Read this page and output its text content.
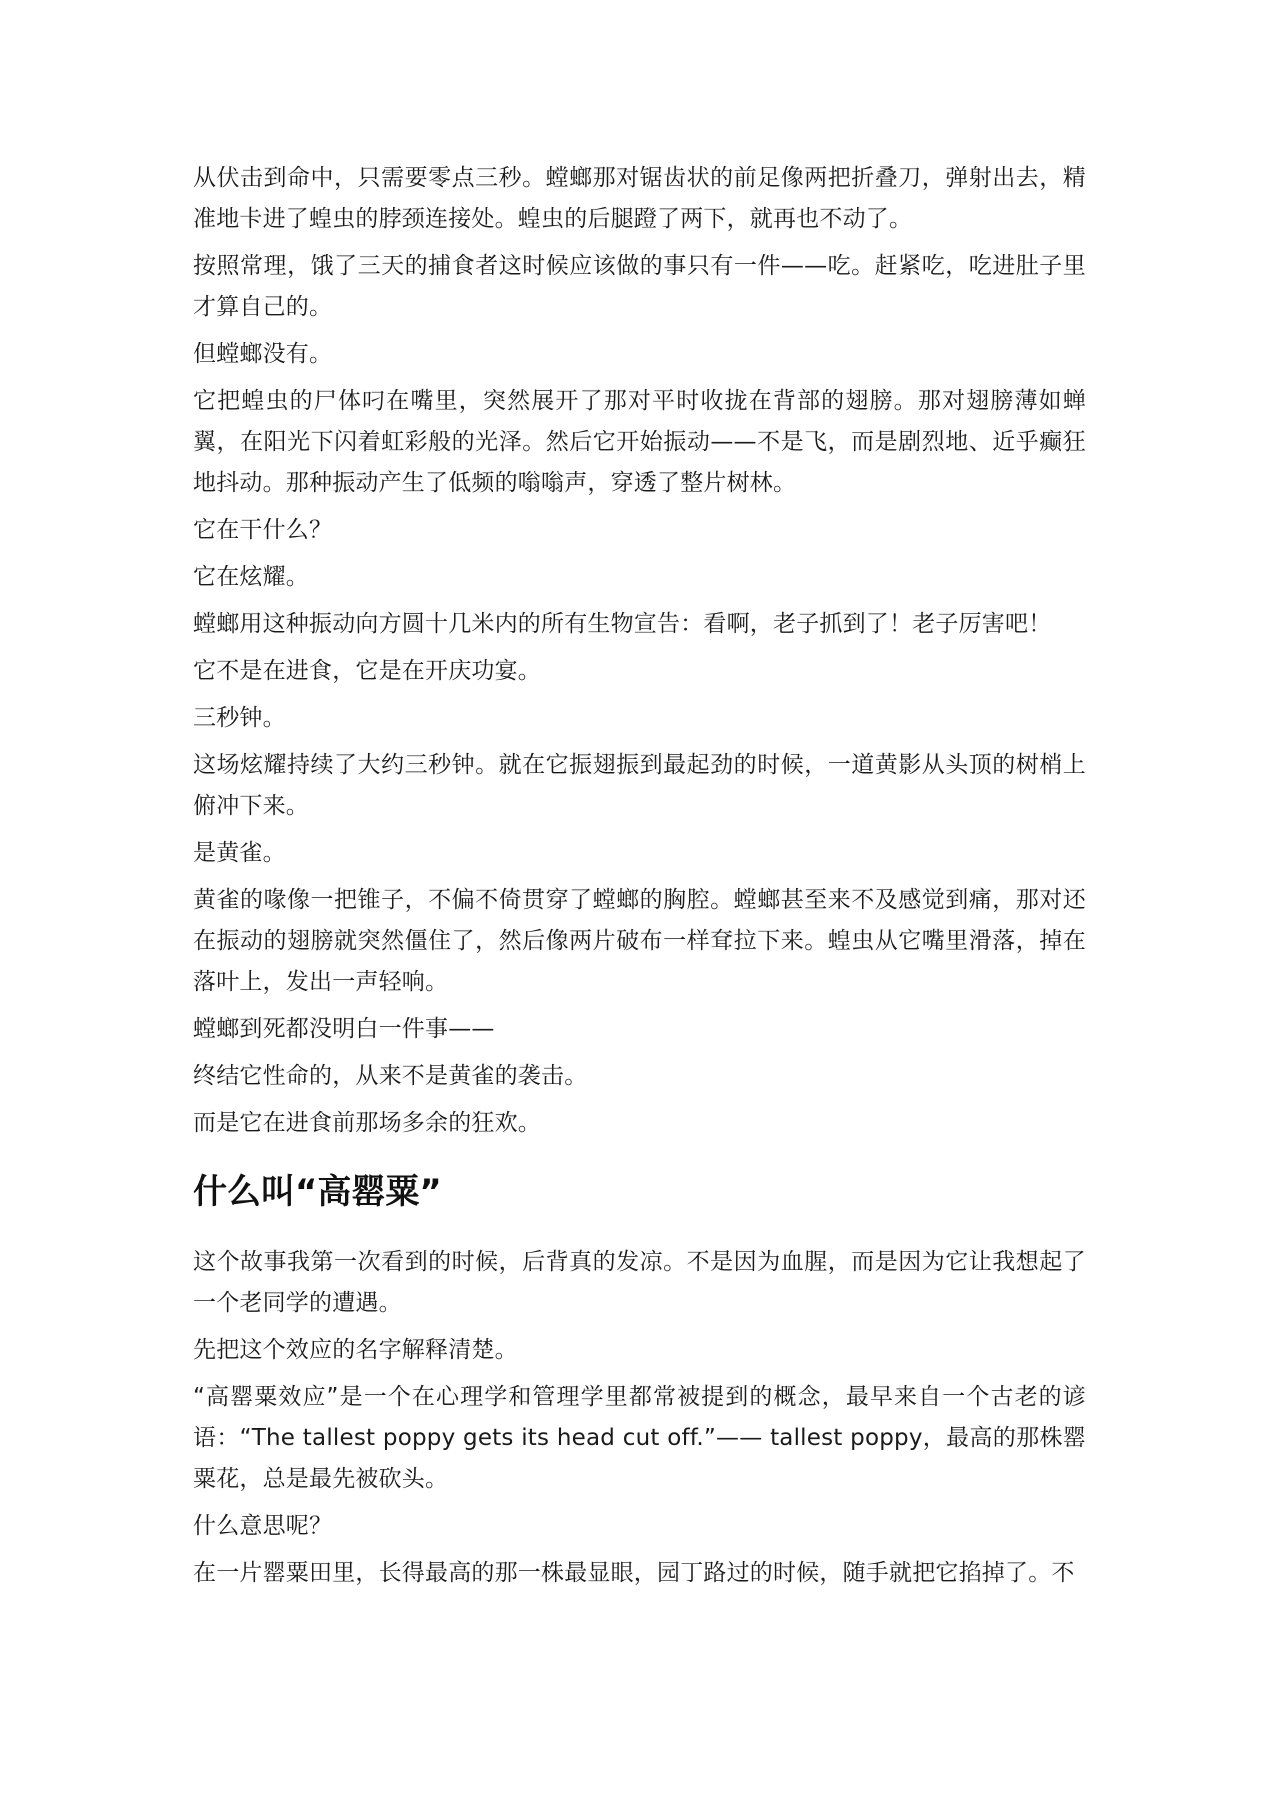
从伏击到命中，只需要零点三秒。螳螂那对锯齿状的前足像两把折叠刀，弹射出去，精准地卡进了蝗虫的脖颈连接处。蝗虫的后腿蹬了两下，就再也不动了。

按照常理，饿了三天的捕食者这时候应该做的事只有一件——吃。赶紧吃，吃进肚子里才算自己的。

但螳螂没有。

它把蝗虫的尸体叼在嘴里，突然展开了那对平时收拢在背部的翅膀。那对翅膀薄如蝉翼，在阳光下闪着虹彩般的光泽。然后它开始振动——不是飞，而是剧烈地、近乎癫狂地抖动。那种振动产生了低频的嗡嗡声，穿透了整片树林。

它在干什么？

它在炫耀。

螳螂用这种振动向方圆十几米内的所有生物宣告：看啊，老子抓到了！老子厉害吧！

它不是在进食，它是在开庆功宴。

三秒钟。

这场炫耀持续了大约三秒钟。就在它振翅振到最起劲的时候，一道黄影从头顶的树梢上俯冲下来。

是黄雀。

黄雀的喙像一把锥子，不偏不倚贯穿了螳螂的胸腔。螳螂甚至来不及感觉到痛，那对还在振动的翅膀就突然僵住了，然后像两片破布一样耷拉下来。蝗虫从它嘴里滑落，掉在落叶上，发出一声轻响。

螳螂到死都没明白一件事——

终结它性命的，从来不是黄雀的袭击。

而是它在进食前那场多余的狂欢。

什么叫“高罂粟”

这个故事我第一次看到的时候，后背真的发凉。不是因为血腥，而是因为它让我想起了一个老同学的遭遇。

先把这个效应的名字解释清楚。

“高罂粟效应”是一个在心理学和管理学里都常被提到的概念，最早来自一个古老的谚语：“The tallest poppy gets its head cut off.”—— tallest poppy，最高的那株罂粟花，总是最先被砍头。

什么意思呢？

在一片罂粟田里，长得最高的那一株最显眼，园丁路过的时候，随手就把它掐掉了。不
